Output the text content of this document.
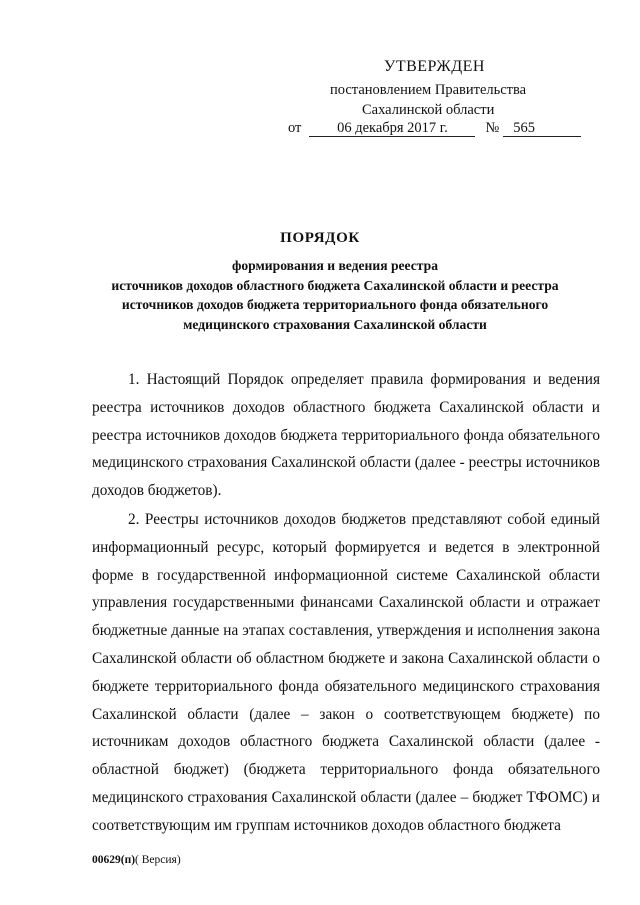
УТВЕРЖДЕН
постановлением Правительства
Сахалинской области
от 06 декабря 2017 г.	№ 565
ПОРЯДОК
формирования и ведения реестра
источников доходов областного бюджета Сахалинской области и реестра
источников доходов бюджета территориального фонда обязательного
медицинского страхования Сахалинской области

1. Настоящий Порядок определяет правила формирования и ведения реестра источников доходов областного бюджета Сахалинской области и реестра источников доходов бюджета территориального фонда обязательного медицинского страхования Сахалинской области (далее - реестры источников доходов бюджетов).

2. Реестры источников доходов бюджетов представляют собой единый информационный ресурс, который формируется и ведется в электронной форме в государственной информационной системе Сахалинской области управления государственными финансами Сахалинской области и отражает бюджетные данные на этапах составления, утверждения и исполнения закона Сахалинской области об областном бюджете и закона Сахалинской области о бюджете территориального фонда обязательного медицинского страхования Сахалинской области (далее – закон о соответствующем бюджете) по источникам доходов областного бюджета Сахалинской области (далее - областной бюджет) (бюджета территориального фонда обязательного медицинского страхования Сахалинской области (далее – бюджет ТФОМС) и соответствующим им группам источников доходов областного бюджета

00629(п)( Версия)
